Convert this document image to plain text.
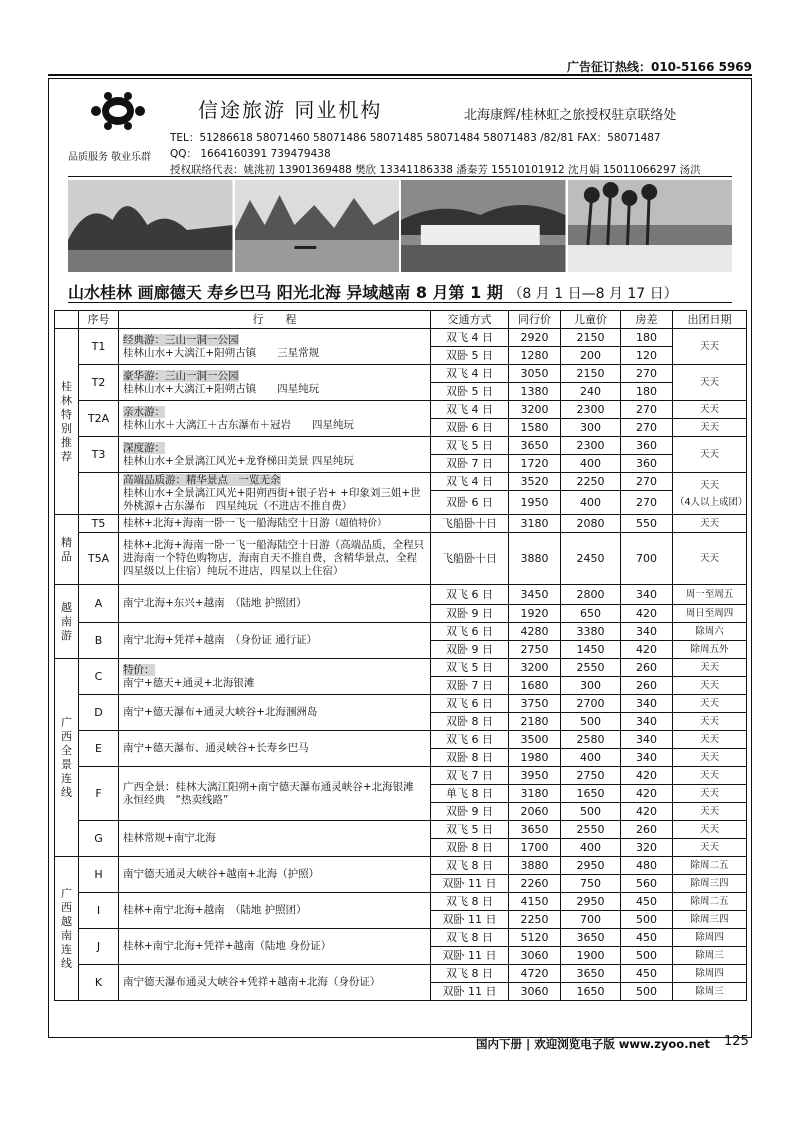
广告征订热线：010-5166 5969
信途旅游 同业机构	北海康辉/桂林虹之旅授权驻京联络处
TEL：51286618 58071460 58071486 58071485 58071484 58071483 /82/81 FAX：58071487
品质服务 敬业乐群 QQ： 1664160391 739479438
授权联络代表：姚洮初 13901369488 樊欣 13341186338 潘秦芳 15510101912 沈月娟 15011066297 汤洪
山水桂林 画廊德天 寿乡巴马 阳光北海 异域越南 8 月第 1 期 （8 月 1 日—8 月 17 日）
	序号	行　　程	交通方式	同行价	儿童价	房差	出团日期
桂林特别推荐	T1	经典游：三山一洞一公园
桂林山水+大漓江+阳朔古镇　　三星常规	双飞 4 日	2920	2150	180	天天
			双卧 5 日	1280	200	120	
	T2	豪华游：三山一洞一公园
桂林山水+大漓江+阳朔古镇　　四星纯玩	双飞 4 日	3050	2150	270	天天
			双卧 5 日	1380	240	180	
	T2A	亲水游：
桂林山水＋大漓江＋古东瀑布＋冠岩　　四星纯玩	双飞 4 日	3200	2300	270	天天
			双卧 6 日	1580	300	270	天天
	T3	深度游：
桂林山水+全景漓江风光+龙脊梯田美景 四星纯玩	双飞 5 日	3650	2300	360	天天
			双卧 7 日	1720	400	360	
		高端品质游：精华景点　一览无余
桂林山水+全景漓江风光+阳朔西街+银子岩+ +印象刘三姐+世外桃源+古东瀑布　四星纯玩（不进店不推自费）	双飞 4 日	3520	2250	270	天天
（4人以上成团）
			双卧 6 日	1950	400	270	
精品	T5	桂林+北海+海南一卧一飞一船海陆空十日游（超值特价）	飞船卧十日	3180	2080	550	天天
	T5A	桂林+北海+海南一卧一飞一船海陆空十日游（高端品质，全程只进海南一个特色购物店，海南自天不推自费，含精华景点，全程四星级以上住宿）纯玩不进店，四星以上住宿）	飞船卧十日	3880	2450	700	天天
越南游	A	南宁北海+东兴+越南　（陆地 护照团）	双飞 6 日	3450	2800	340	周一至周五
			双卧 9 日	1920	650	420	周日至周四
	B	南宁北海+凭祥+越南　（身份证 通行证）	双飞 6 日	4280	3380	340	除周六
			双卧 9 日	2750	1450	420	除周五外
广西全景连线	C	特价：
南宁+德天+通灵+北海银滩	双飞 5 日	3200	2550	260	天天
			双卧 7 日	1680	300	260	天天
	D	南宁+德天瀑布+通灵大峡谷+北海涠洲岛	双飞 6 日	3750	2700	340	天天
			双卧 8 日	2180	500	340	天天
	E	南宁+德天瀑布、通灵峡谷+长寿乡巴马	双飞 6 日	3500	2580	340	天天
			双卧 8 日	1980	400	340	天天
	F	广西全景：桂林大漓江阳朔+南宁德天瀑布通灵峡谷+北海银滩　永恒经典　“热卖线路”	双飞 7 日	3950	2750	420	天天
			单飞 8 日	3180	1650	420	天天
			双卧 9 日	2060	500	420	天天
	G	桂林常规+南宁北海	双飞 5 日	3650	2550	260	天天
			双卧 8 日	1700	400	320	天天
广西越南连线	H	南宁德天通灵大峡谷+越南+北海（护照）	双飞 8 日	3880	2950	480	除周二五
			双卧 11 日	2260	750	560	除周三四
	I	桂林+南宁北海+越南　（陆地 护照团）	双飞 8 日	4150	2950	450	除周二五
			双卧 11 日	2250	700	500	除周三四
	J	桂林+南宁北海+凭祥+越南（陆地 身份证）	双飞 8 日	5120	3650	450	除周四
			双卧 11 日	3060	1900	500	除周三
	K	南宁德天瀑布通灵大峡谷+凭祥+越南+北海（身份证）	双飞 8 日	4720	3650	450	除周四
			双卧 11 日	3060	1650	500	除周三
国内下册 | 欢迎浏览电子版 www.zyoo.net 125
